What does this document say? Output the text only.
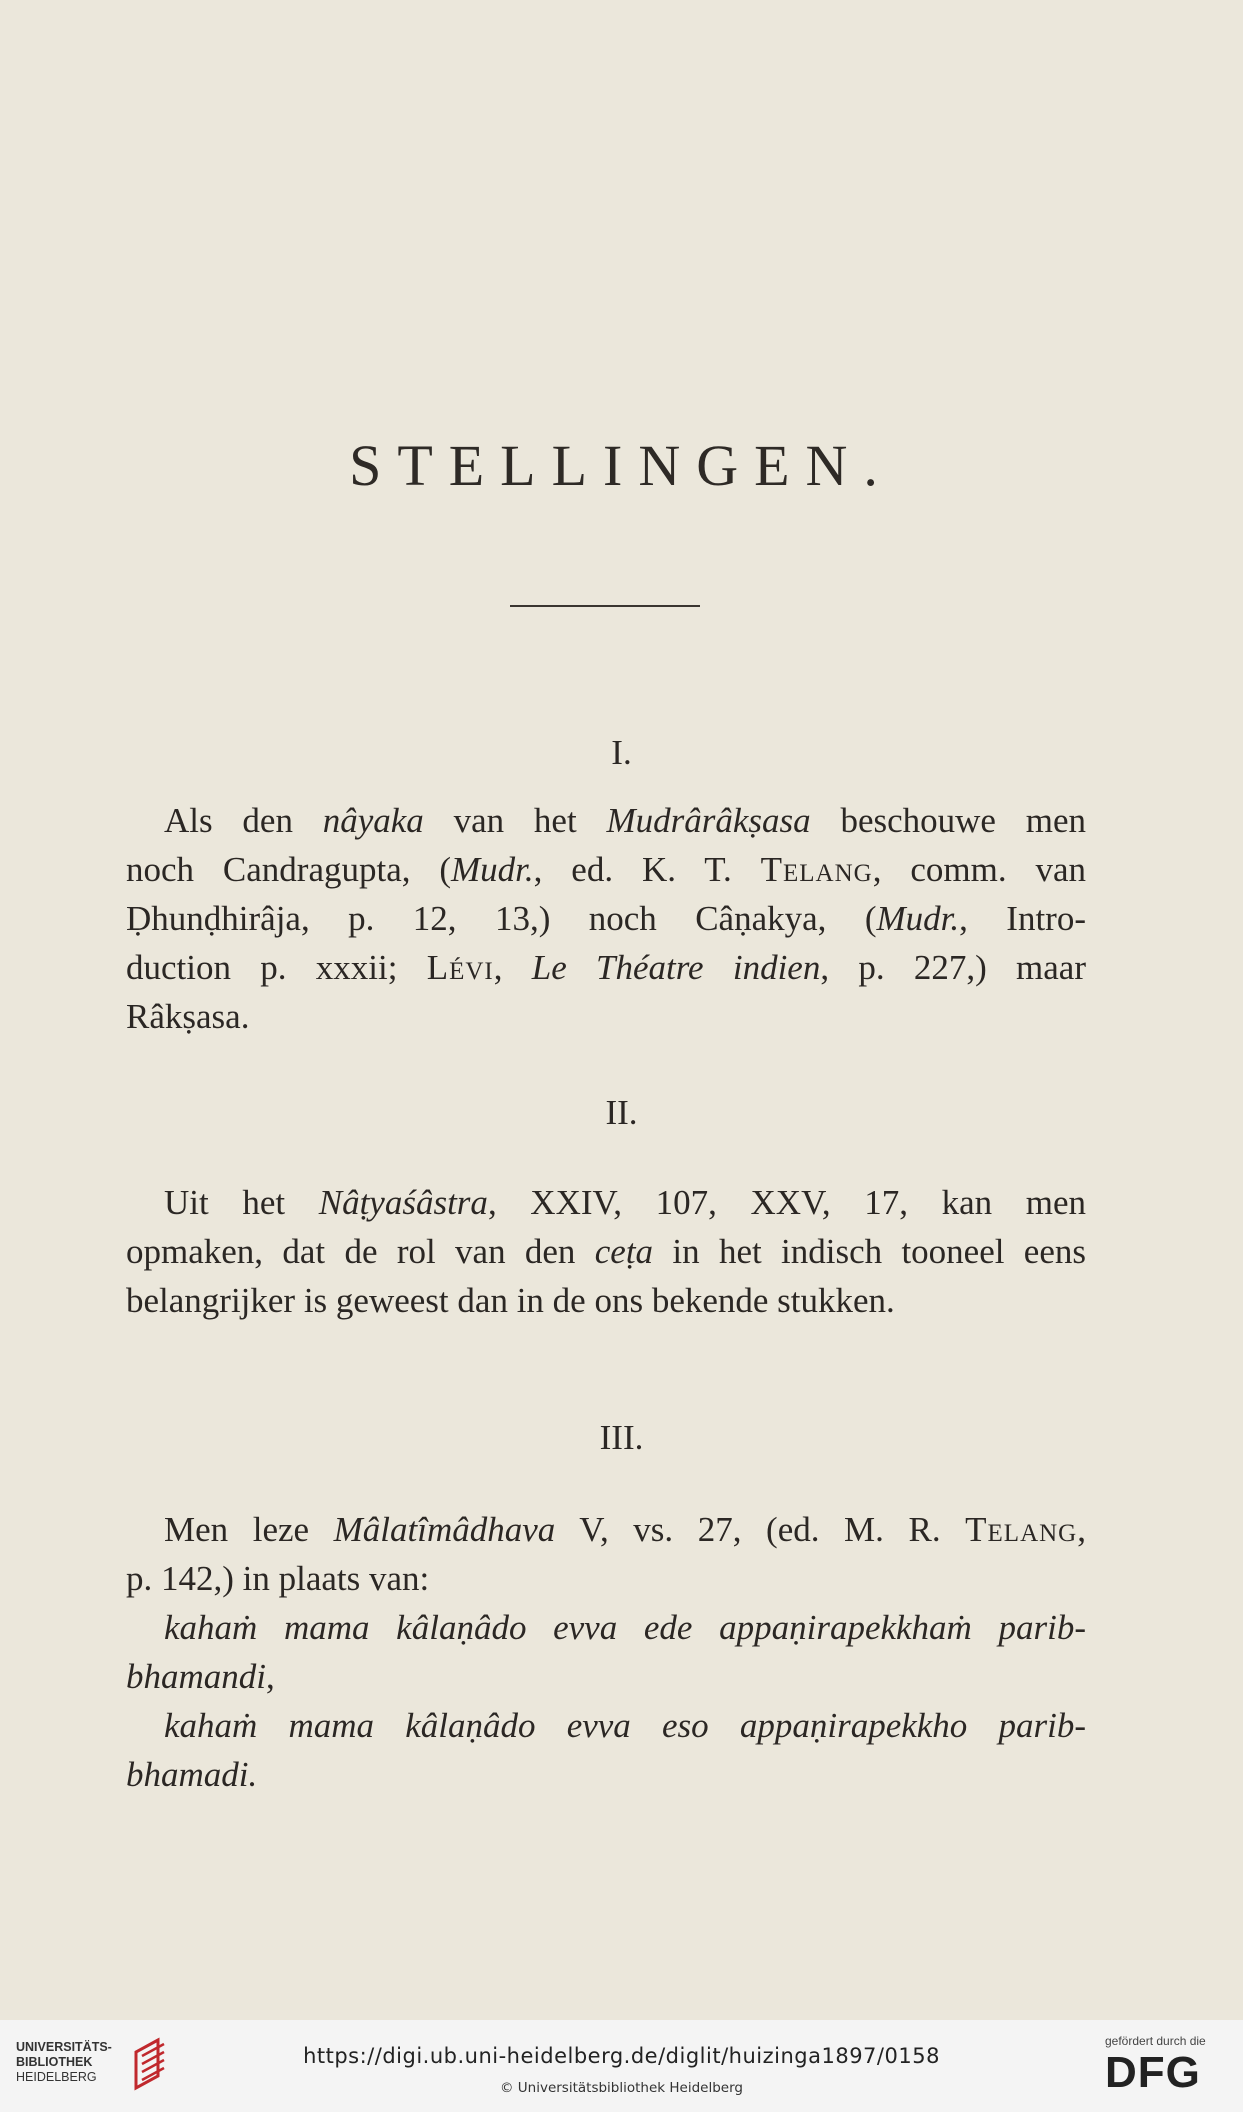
STELLINGEN.
I.

Als den nâyaka van het Mudrârâkṣasa beschouwe men
noch Candragupta, (Mudr., ed. K. T. Telang, comm. van
Ḍhunḍhirâja, p. 12, 13,) noch Câṇakya, (Mudr., Intro-
duction p. xxxii; Lévi, Le Théatre indien, p. 227,) maar
Râkṣasa.

II.

Uit het Nâṭyaśâstra, XXIV, 107, XXV, 17, kan men
opmaken, dat de rol van den ceṭa in het indisch tooneel eens
belangrijker is geweest dan in de ons bekende stukken.

III.

Men leze Mâlatîmâdhava V, vs. 27, (ed. M. R. Telang,
p. 142,) in plaats van:
kahaṁ mama kâlaṇâdo evva ede appaṇirapekkhaṁ parib-
bhamandi,
kahaṁ mama kâlaṇâdo evva eso appaṇirapekkho parib-
bhamadi.

UNIVERSITÄTS-
BIBLIOTHEK
HEIDELBERG
https://digi.ub.uni-heidelberg.de/diglit/huizinga1897/0158
© Universitätsbibliothek Heidelberg
gefördert durch die
DFG
